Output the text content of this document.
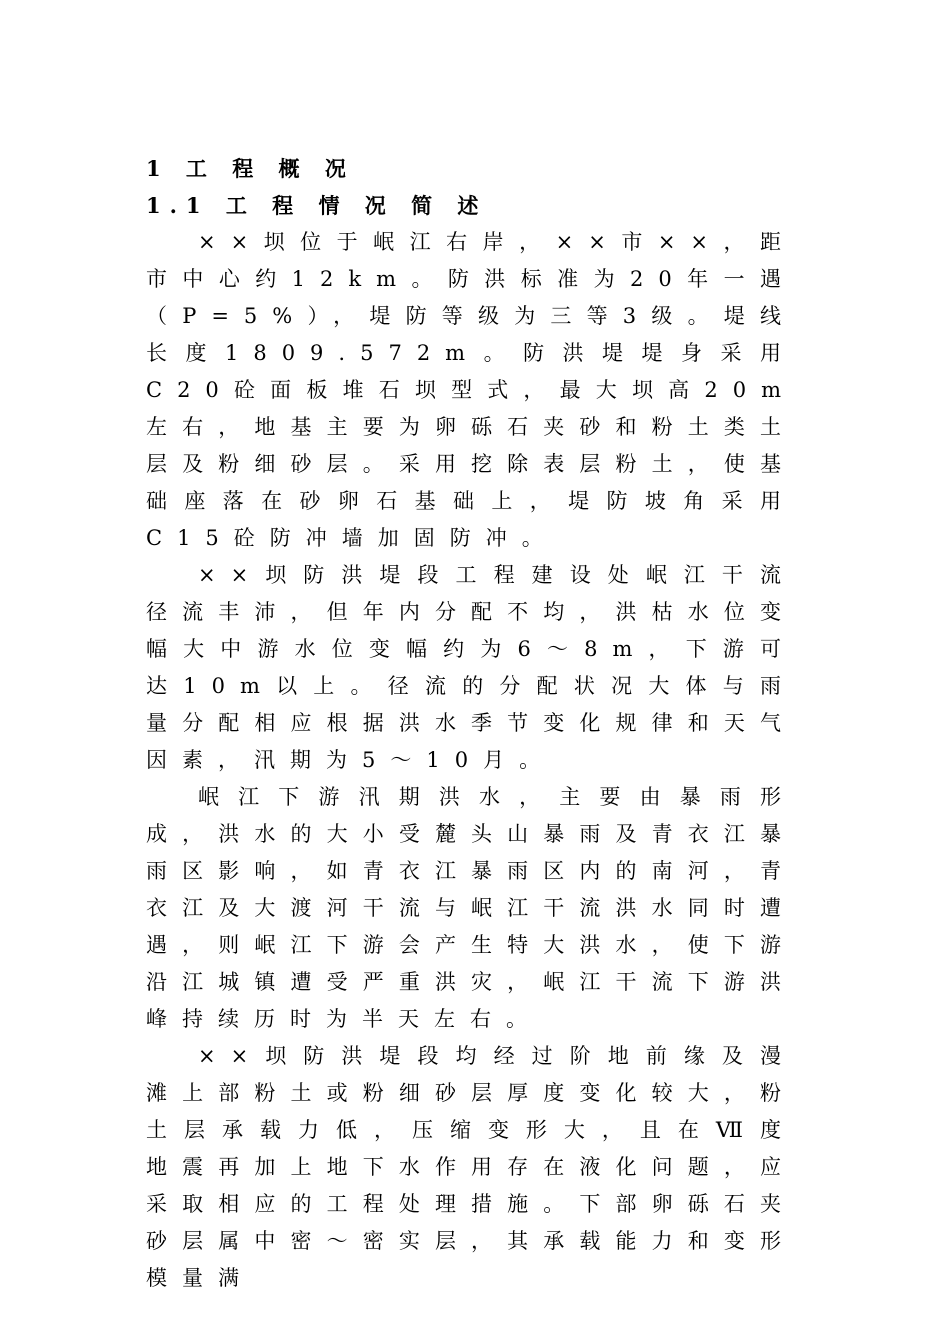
1 工 程 概 况
1.1 工 程 情 况 简 述

××坝位于岷江右岸，××市××，距市中心约12km。防洪标准为20年一遇（P=5%），堤防等级为三等3级。堤线长度1809.572m。防洪堤堤身采用C20砼面板堆石坝型式，最大坝高20m左右，地基主要为卵砾石夹砂和粉土类土层及粉细砂层。采用挖除表层粉土，使基础座落在砂卵石基础上，堤防坡角采用C15砼防冲墙加固防冲。

××坝防洪堤段工程建设处岷江干流径流丰沛，但年内分配不均，洪枯水位变幅大中游水位变幅约为6～8m，下游可达10m以上。径流的分配状况大体与雨量分配相应根据洪水季节变化规律和天气因素，汛期为5～10月。

岷江下游汛期洪水，主要由暴雨形成，洪水的大小受麓头山暴雨及青衣江暴雨区影响，如青衣江暴雨区内的南河，青衣江及大渡河干流与岷江干流洪水同时遭遇，则岷江下游会产生特大洪水，使下游沿江城镇遭受严重洪灾，岷江干流下游洪峰持续历时为半天左右。

××坝防洪堤段均经过阶地前缘及漫滩上部粉土或粉细砂层厚度变化较大，粉土层承载力低，压缩变形大，且在Ⅶ度地震再加上地下水作用存在液化问题，应采取相应的工程处理措施。下部卵砾石夹砂层属中密～密实层，其承载能力和变形模量满
